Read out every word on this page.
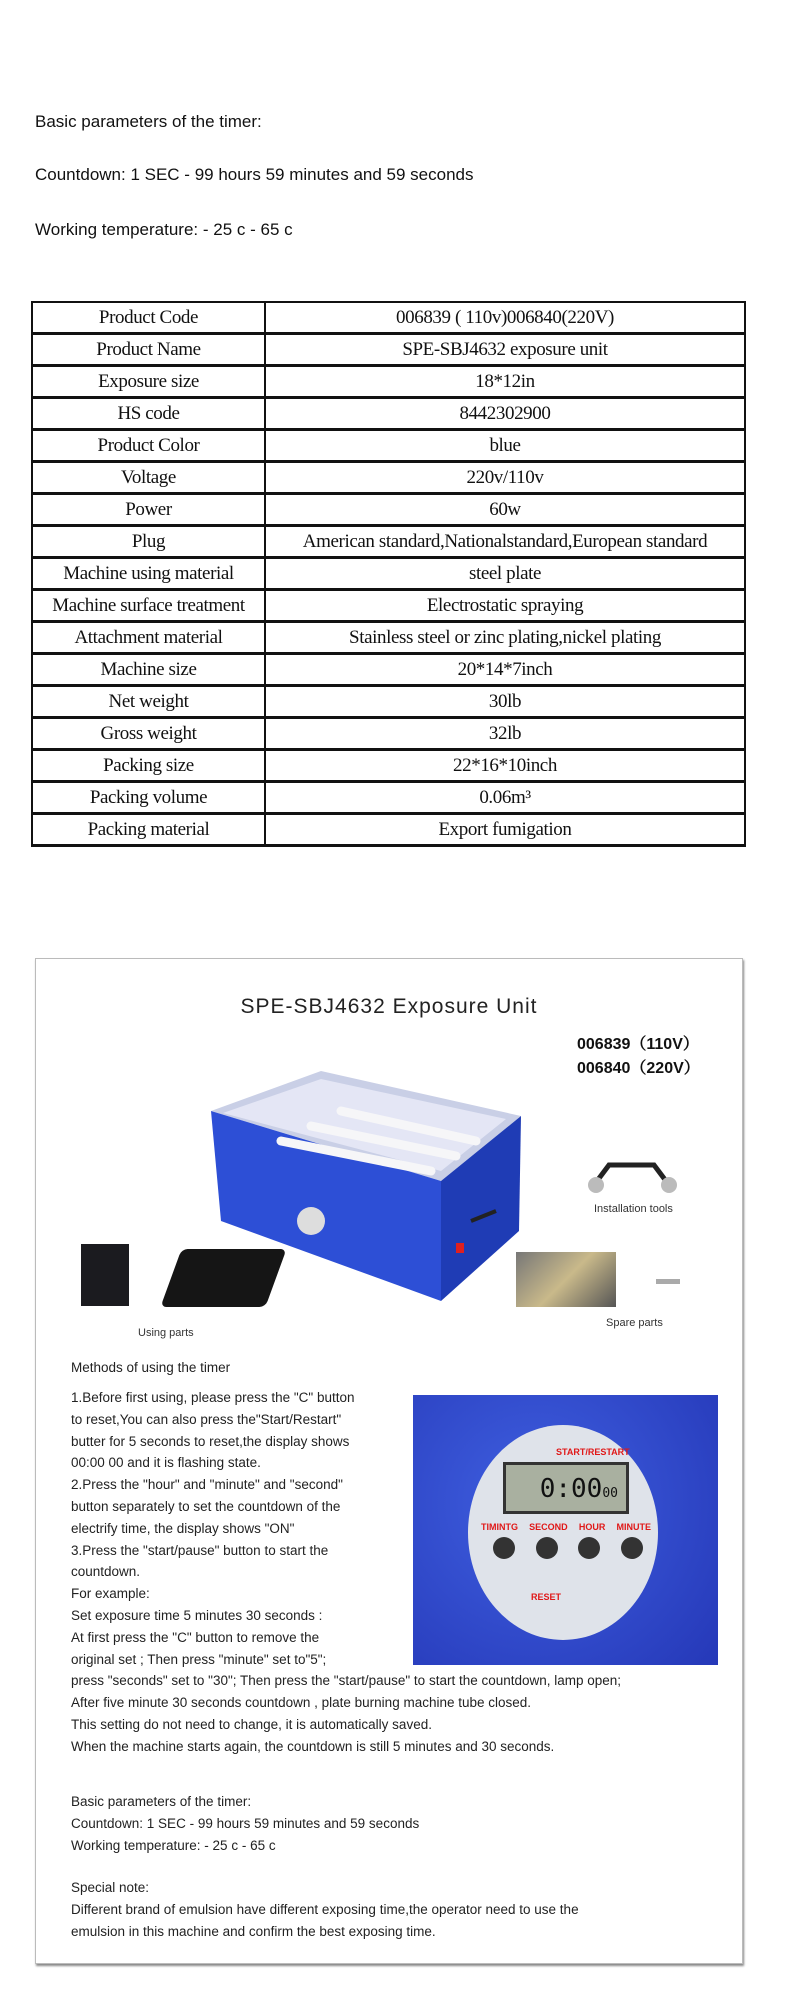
Basic parameters of the timer:
Countdown: 1 SEC - 99 hours 59 minutes and 59 seconds
Working temperature: - 25 c - 65 c
Product Code	006839 ( 110v)006840(220V)
Product Name	SPE-SBJ4632 exposure unit
Exposure size	18*12in
HS code	8442302900
Product Color	blue
Voltage	220v/110v
Power	60w
Plug	American standard,Nationalstandard,European standard
Machine using material	steel plate
Machine surface treatment	Electrostatic spraying
Attachment material	Stainless steel or zinc plating,nickel plating
Machine size	20*14*7inch
Net weight	30lb
Gross weight	32lb
Packing size	22*16*10inch
Packing volume	0.06m³
Packing material	Export fumigation
SPE-SBJ4632 Exposure Unit
006839（110V）
006840（220V）
Installation tools
Using parts
Spare parts
Methods of using the timer
START/RESTART
0:0000
TIMINTG SECOND HOUR MINUTE
RESET
1.Before first using, please press the "C" button
to reset,You can also press the"Start/Restart"
butter for 5 seconds to reset,the display shows
00:00 00 and it is flashing state.
2.Press the "hour" and "minute" and "second"
button separately to set the countdown of the
electrify time, the display shows "ON"
3.Press the "start/pause" button to start the
countdown.
For example:
Set exposure time 5 minutes 30 seconds :
At first press the "C" button to remove the
original set ; Then press "minute" set to"5";
press "seconds" set to "30"; Then press the "start/pause" to start the countdown, lamp open;
After five minute 30 seconds countdown , plate burning machine tube closed.
This setting do not need to change, it is automatically saved.
When the machine starts again, the countdown is still 5 minutes and 30 seconds.
Basic parameters of the timer:
Countdown: 1 SEC - 99 hours 59 minutes and 59 seconds
Working temperature: - 25 c - 65 c
Special note:
Different brand of emulsion have different exposing time,the operator need to use the
emulsion in this machine and confirm the best exposing time.
